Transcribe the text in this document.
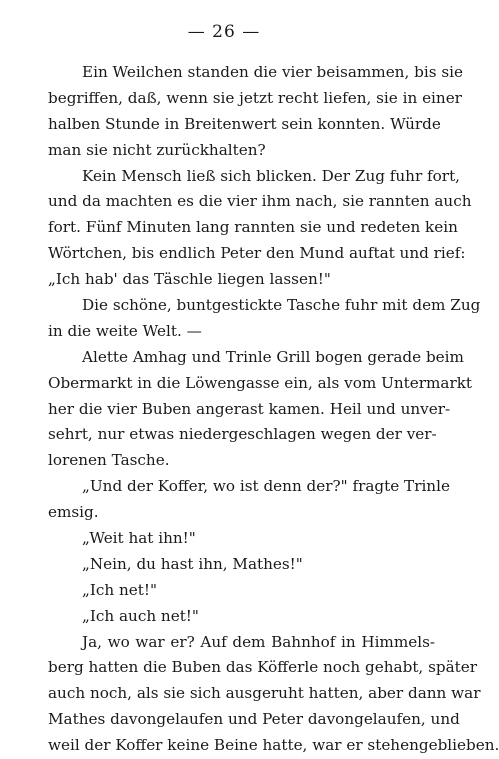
— 26 —
Ein Weilchen standen die vier beisammen, bis sie
begriffen, daß, wenn sie jetzt recht liefen, sie in einer
halben Stunde in Breitenwert sein konnten. Würde
man sie nicht zurückhalten?
Kein Mensch ließ sich blicken. Der Zug fuhr fort,
und da machten es die vier ihm nach, sie rannten auch
fort. Fünf Minuten lang rannten sie und redeten kein
Wörtchen, bis endlich Peter den Mund auftat und rief:
„Ich hab' das Täschle liegen lassen!"
Die schöne, buntgestickte Tasche fuhr mit dem Zug
in die weite Welt. —
Alette Amhag und Trinle Grill bogen gerade beim
Obermarkt in die Löwengasse ein, als vom Untermarkt
her die vier Buben angerast kamen. Heil und unver-
sehrt, nur etwas niedergeschlagen wegen der ver-
lorenen Tasche.
„Und der Koffer, wo ist denn der?" fragte Trinle
emsig.
„Weit hat ihn!"
„Nein, du hast ihn, Mathes!"
„Ich net!"
„Ich auch net!"
Ja, wo war er? Auf dem Bahnhof in Himmels-
berg hatten die Buben das Köfferle noch gehabt, später
auch noch, als sie sich ausgeruht hatten, aber dann war
Mathes davongelaufen und Peter davongelaufen, und
weil der Koffer keine Beine hatte, war er stehengeblieben.
